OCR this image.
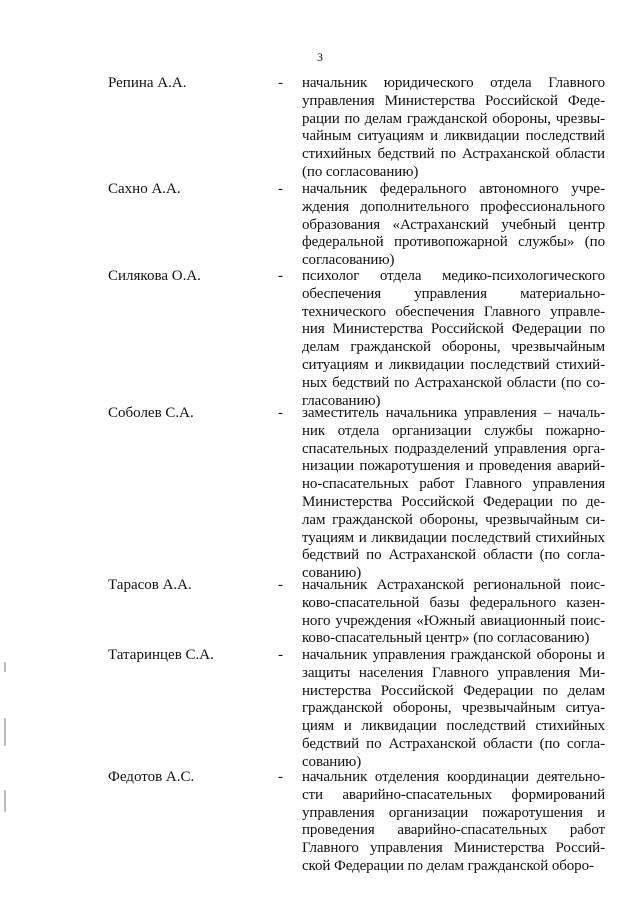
3
Репина А.А.	- начальник юридического отдела Главного
управления Министерства Российской Феде-
рации по делам гражданской обороны, чрезвы-
чайным ситуациям и ликвидации последствий
стихийных бедствий по Астраханской области
(по согласованию)
Сахно А.А.	- начальник федерального автономного учре-
ждения дополнительного профессионального
образования «Астраханский учебный центр
федеральной противопожарной службы» (по
согласованию)
Силякова О.А.	- психолог отдела медико-психологического
обеспечения управления материально-
технического обеспечения Главного управле-
ния Министерства Российской Федерации по
делам гражданской обороны, чрезвычайным
ситуациям и ликвидации последствий стихий-
ных бедствий по Астраханской области (по со-
гласованию)
Соболев С.А.	- заместитель начальника управления – началь-
ник отдела организации службы пожарно-
спасательных подразделений управления орга-
низации пожаротушения и проведения аварий-
но-спасательных работ Главного управления
Министерства Российской Федерации по де-
лам гражданской обороны, чрезвычайным си-
туациям и ликвидации последствий стихийных
бедствий по Астраханской области (по согла-
сованию)
Тарасов А.А.	- начальник Астраханской региональной поис-
ково-спасательной базы федерального казен-
ного учреждения «Южный авиационный поис-
ково-спасательный центр» (по согласованию)
Татаринцев С.А.	- начальник управления гражданской обороны и
защиты населения Главного управления Ми-
нистерства Российской Федерации по делам
гражданской обороны, чрезвычайным ситуа-
циям и ликвидации последствий стихийных
бедствий по Астраханской области (по согла-
сованию)
Федотов А.С.	- начальник отделения координации деятельно-
сти аварийно-спасательных формирований
управления организации пожаротушения и
проведения аварийно-спасательных работ
Главного управления Министерства Россий-
ской Федерации по делам гражданской оборо-
